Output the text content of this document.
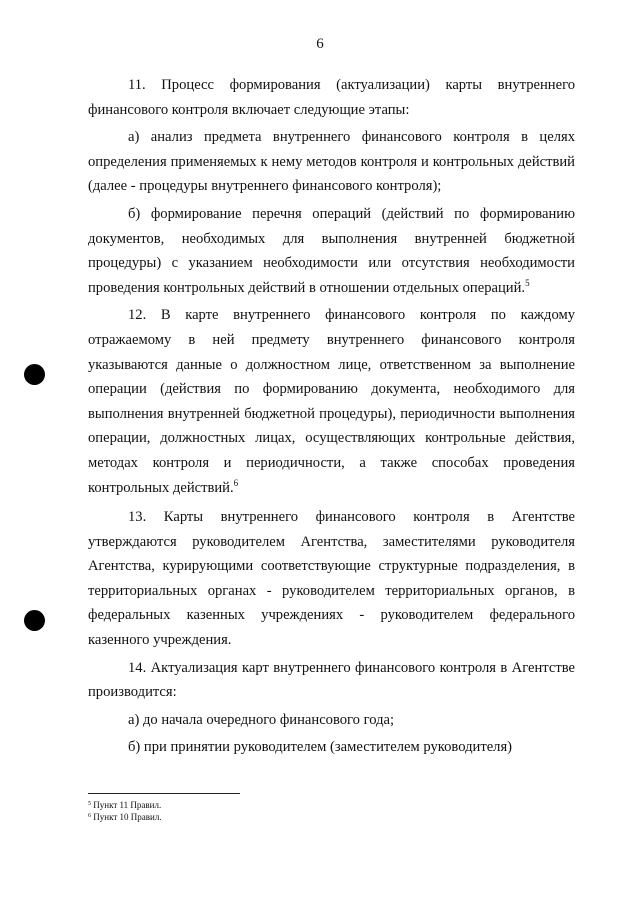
6

11. Процесс формирования (актуализации) карты внутреннего финансового контроля включает следующие этапы:

а) анализ предмета внутреннего финансового контроля в целях определения применяемых к нему методов контроля и контрольных действий (далее - процедуры внутреннего финансового контроля);

б) формирование перечня операций (действий по формированию документов, необходимых для выполнения внутренней бюджетной процедуры) с указанием необходимости или отсутствия необходимости проведения контрольных действий в отношении отдельных операций.$^5$

12. В карте внутреннего финансового контроля по каждому отражаемому в ней предмету внутреннего финансового контроля указываются данные о должностном лице, ответственном за выполнение операции (действия по формированию документа, необходимого для выполнения внутренней бюджетной процедуры), периодичности выполнения операции, должностных лицах, осуществляющих контрольные действия, методах контроля и периодичности, а также способах проведения контрольных действий.$^6$

13. Карты внутреннего финансового контроля в Агентстве утверждаются руководителем Агентства, заместителями руководителя Агентства, курирующими соответствующие структурные подразделения, в территориальных органах - руководителем территориальных органов, в федеральных казенных учреждениях - руководителем федерального казенного учреждения.

14. Актуализация карт внутреннего финансового контроля в Агентстве производится:

а) до начала очередного финансового года;

б) при принятии руководителем (заместителем руководителя)

$^5$ Пункт 11 Правил.
$^6$ Пункт 10 Правил.
